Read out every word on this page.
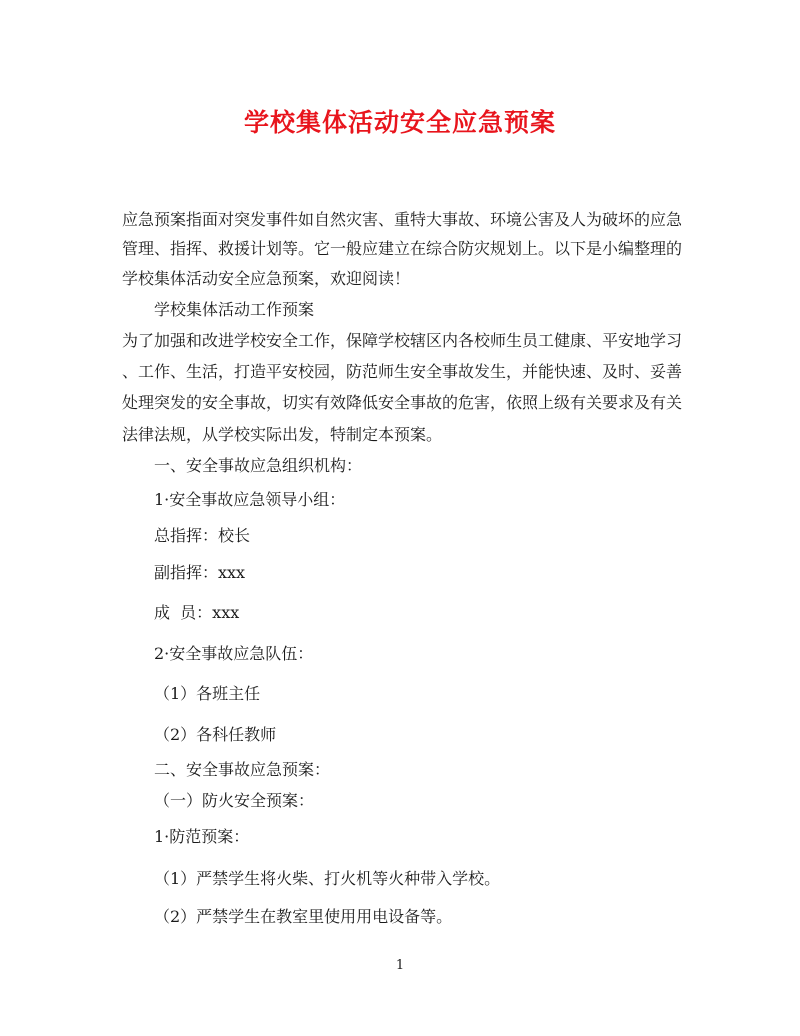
学校集体活动安全应急预案
应急预案指面对突发事件如自然灾害、重特大事故、环境公害及人为破坏的应急
管理、指挥、救援计划等。它一般应建立在综合防灾规划上。以下是小编整理的
学校集体活动安全应急预案，欢迎阅读！
学校集体活动工作预案
为了加强和改进学校安全工作，保障学校辖区内各校师生员工健康、平安地学习
、工作、生活，打造平安校园，防范师生安全事故发生，并能快速、及时、妥善
处理突发的安全事故，切实有效降低安全事故的危害，依照上级有关要求及有关
法律法规，从学校实际出发，特制定本预案。
一、安全事故应急组织机构：
1·安全事故应急领导小组：
总指挥：校长
副指挥：xxx
成  员：xxx
2·安全事故应急队伍：
（1）各班主任
（2）各科任教师
二、安全事故应急预案：
（一）防火安全预案：
1·防范预案：
（1）严禁学生将火柴、打火机等火种带入学校。
（2）严禁学生在教室里使用用电设备等。
1
